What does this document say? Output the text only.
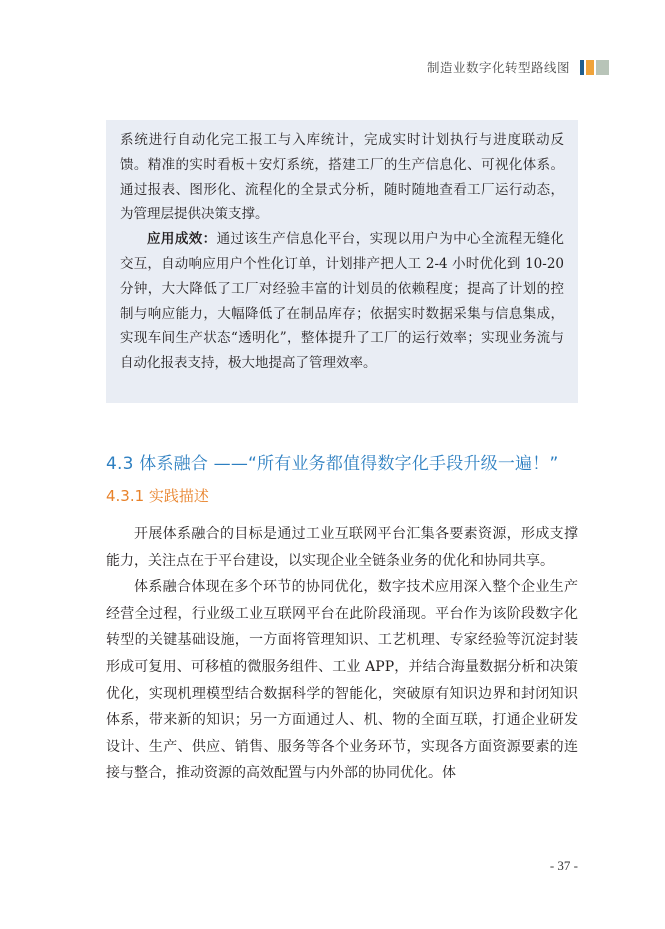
制造业数字化转型路线图

系统进行自动化完工报工与入库统计，完成实时计划执行与进度联动反馈。精准的实时看板＋安灯系统，搭建工厂的生产信息化、可视化体系。通过报表、图形化、流程化的全景式分析，随时随地查看工厂运行动态，为管理层提供决策支撑。

应用成效：通过该生产信息化平台，实现以用户为中心全流程无缝化交互，自动响应用户个性化订单，计划排产把人工 2-4 小时优化到 10-20 分钟，大大降低了工厂对经验丰富的计划员的依赖程度；提高了计划的控制与响应能力，大幅降低了在制品库存；依据实时数据采集与信息集成，实现车间生产状态“透明化”，整体提升了工厂的运行效率；实现业务流与自动化报表支持，极大地提高了管理效率。

4.3 体系融合 ——“所有业务都值得数字化手段升级一遍！”
4.3.1 实践描述

开展体系融合的目标是通过工业互联网平台汇集各要素资源，形成支撑能力，关注点在于平台建设，以实现企业全链条业务的优化和协同共享。

体系融合体现在多个环节的协同优化，数字技术应用深入整个企业生产经营全过程，行业级工业互联网平台在此阶段涌现。平台作为该阶段数字化转型的关键基础设施，一方面将管理知识、工艺机理、专家经验等沉淀封装形成可复用、可移植的微服务组件、工业 APP，并结合海量数据分析和决策优化，实现机理模型结合数据科学的智能化，突破原有知识边界和封闭知识体系，带来新的知识；另一方面通过人、机、物的全面互联，打通企业研发设计、生产、供应、销售、服务等各个业务环节，实现各方面资源要素的连接与整合，推动资源的高效配置与内外部的协同优化。体

- 37 -
